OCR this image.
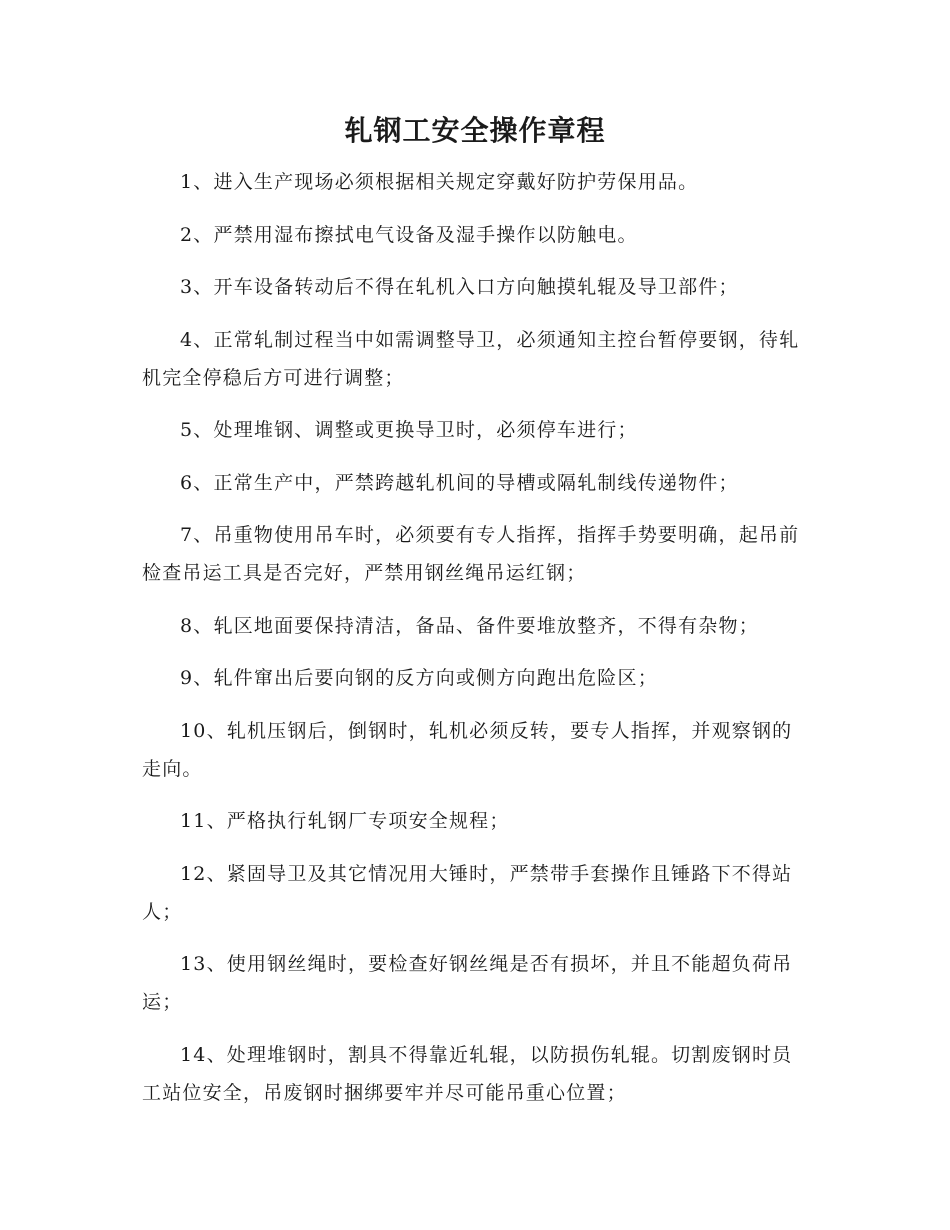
轧钢工安全操作章程
1、进入生产现场必须根据相关规定穿戴好防护劳保用品。
2、严禁用湿布擦拭电气设备及湿手操作以防触电。
3、开车设备转动后不得在轧机入口方向触摸轧辊及导卫部件；
4、正常轧制过程当中如需调整导卫，必须通知主控台暂停要钢，待轧机完全停稳后方可进行调整；
5、处理堆钢、调整或更换导卫时，必须停车进行；
6、正常生产中，严禁跨越轧机间的导槽或隔轧制线传递物件；
7、吊重物使用吊车时，必须要有专人指挥，指挥手势要明确，起吊前检查吊运工具是否完好，严禁用钢丝绳吊运红钢；
8、轧区地面要保持清洁，备品、备件要堆放整齐，不得有杂物；
9、轧件窜出后要向钢的反方向或侧方向跑出危险区；
10、轧机压钢后，倒钢时，轧机必须反转，要专人指挥，并观察钢的走向。
11、严格执行轧钢厂专项安全规程；
12、紧固导卫及其它情况用大锤时，严禁带手套操作且锤路下不得站人；
13、使用钢丝绳时，要检查好钢丝绳是否有损坏，并且不能超负荷吊运；
14、处理堆钢时，割具不得靠近轧辊，以防损伤轧辊。切割废钢时员工站位安全，吊废钢时捆绑要牢并尽可能吊重心位置；
